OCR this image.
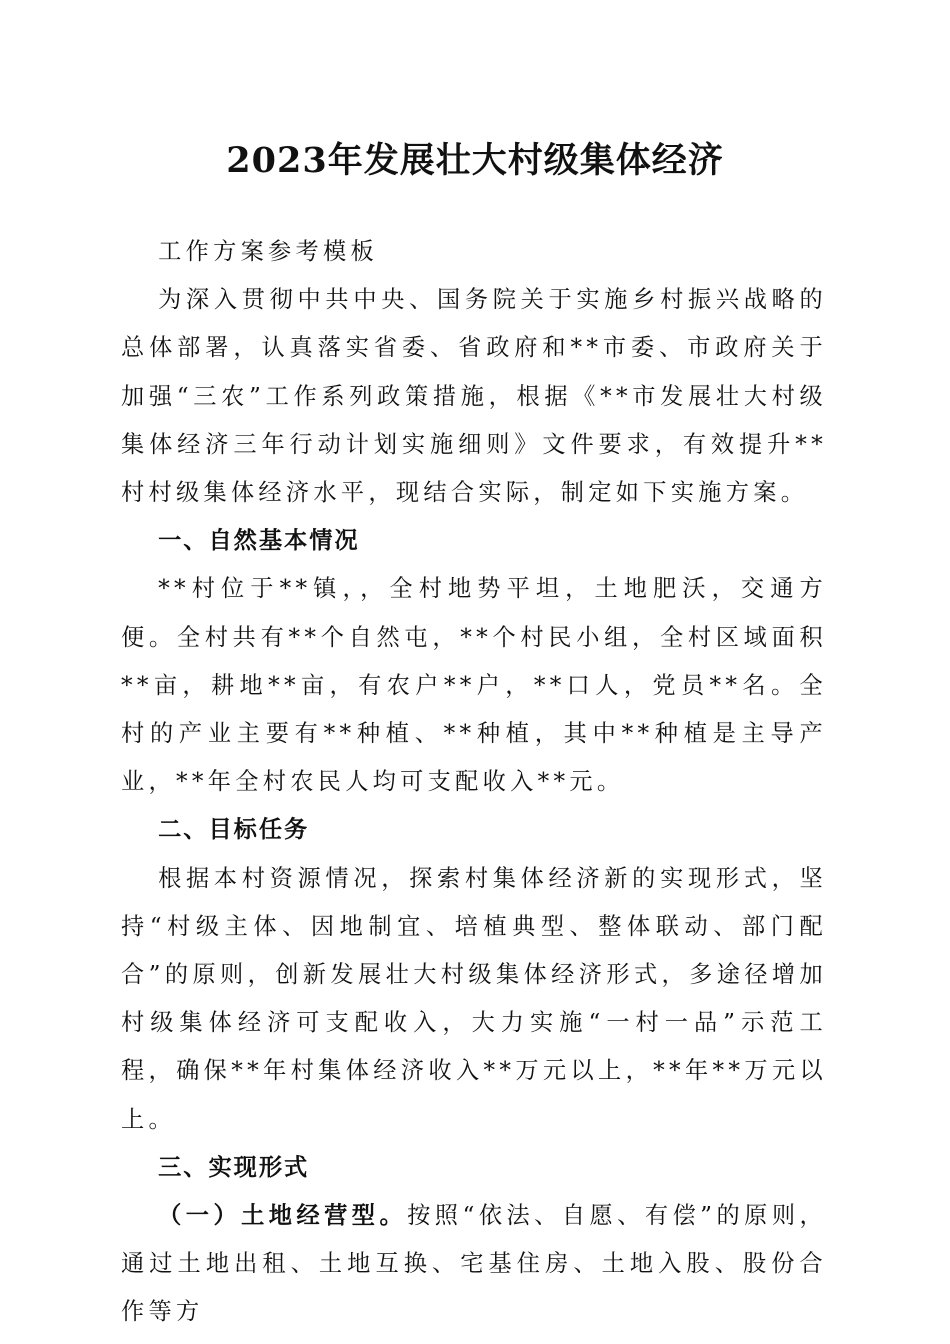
2023年发展壮大村级集体经济

工作方案参考模板

为深入贯彻中共中央、国务院关于实施乡村振兴战略的总体部署，认真落实省委、省政府和**市委、市政府关于加强“三农”工作系列政策措施，根据《**市发展壮大村级集体经济三年行动计划实施细则》文件要求，有效提升**村村级集体经济水平，现结合实际，制定如下实施方案。

一、自然基本情况

**村位于**镇，，全村地势平坦，土地肥沃，交通方便。全村共有**个自然屯，**个村民小组，全村区域面积**亩，耕地**亩，有农户**户，**口人，党员**名。全村的产业主要有**种植、**种植，其中**种植是主导产业，**年全村农民人均可支配收入**元。

二、目标任务

根据本村资源情况，探索村集体经济新的实现形式，坚持“村级主体、因地制宜、培植典型、整体联动、部门配合”的原则，创新发展壮大村级集体经济形式，多途径增加村级集体经济可支配收入，大力实施“一村一品”示范工程，确保**年村集体经济收入**万元以上，**年**万元以上。

三、实现形式

（一）土地经营型。按照“依法、自愿、有偿”的原则，通过土地出租、土地互换、宅基住房、土地入股、股份合作等方
